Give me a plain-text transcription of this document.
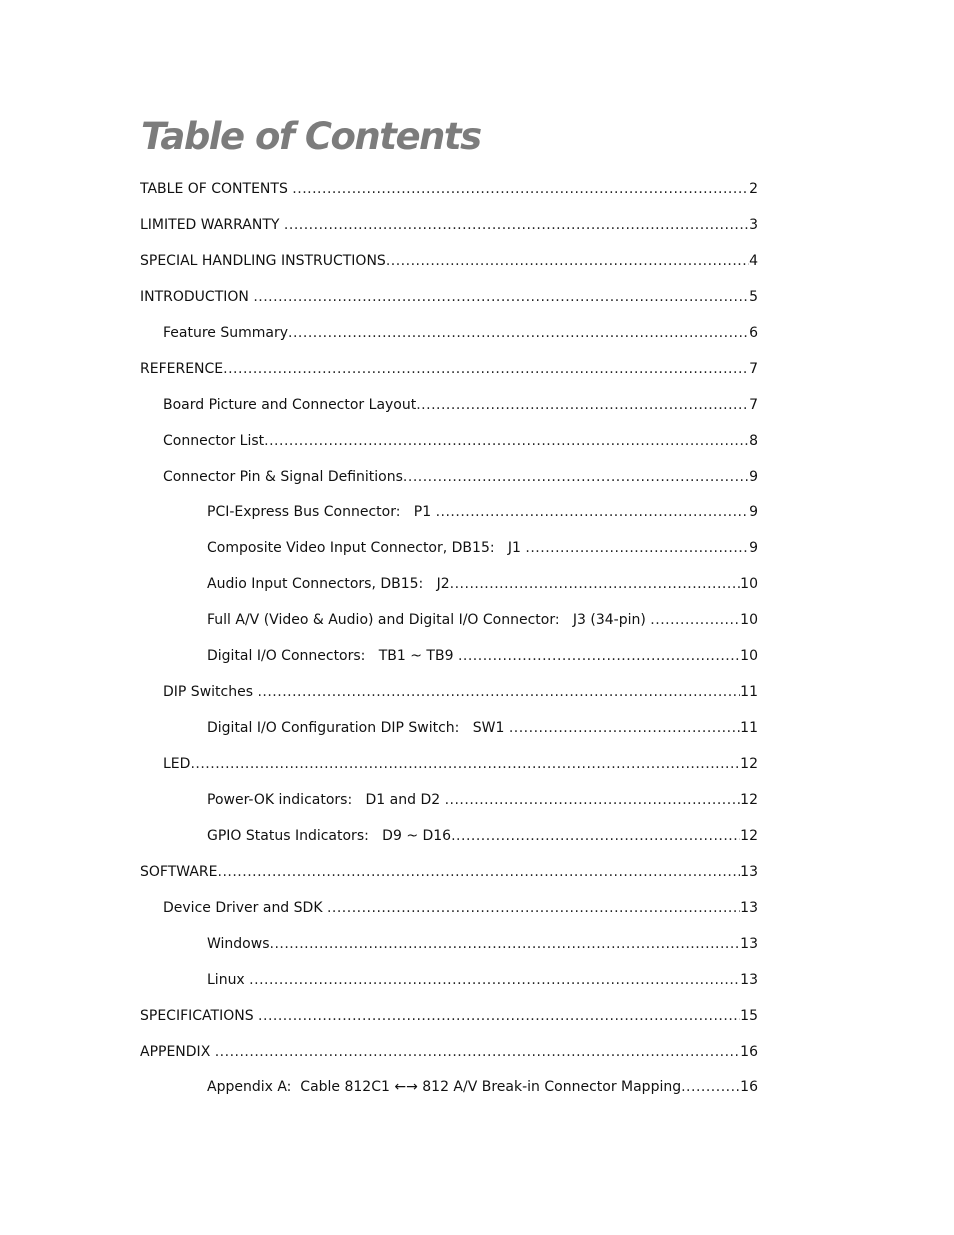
Table of Contents
TABLE OF CONTENTS .....	2
LIMITED WARRANTY .....	3
SPECIAL HANDLING INSTRUCTIONS .....	4
INTRODUCTION .....	5
Feature Summary .....	6
REFERENCE .....	7
Board Picture and Connector Layout .....	7
Connector List .....	8
Connector Pin & Signal Definitions .....	9
PCI-Express Bus Connector:   P1 .....	9
Composite Video Input Connector, DB15:   J1 .....	9
Audio Input Connectors, DB15:   J2 .....	10
Full A/V (Video & Audio) and Digital I/O Connector:   J3 (34-pin) .....	10
Digital I/O Connectors:   TB1 ~ TB9 .....	10
DIP Switches .....	11
Digital I/O Configuration DIP Switch:   SW1 .....	11
LED .....	12
Power-OK indicators:   D1 and D2 .....	12
GPIO Status Indicators:   D9 ~ D16 .....	12
SOFTWARE .....	13
Device Driver and SDK .....	13
Windows .....	13
Linux .....	13
SPECIFICATIONS .....	15
APPENDIX .....	16
Appendix A:  Cable 812C1 ←→ 812 A/V Break-in Connector Mapping .....	16
